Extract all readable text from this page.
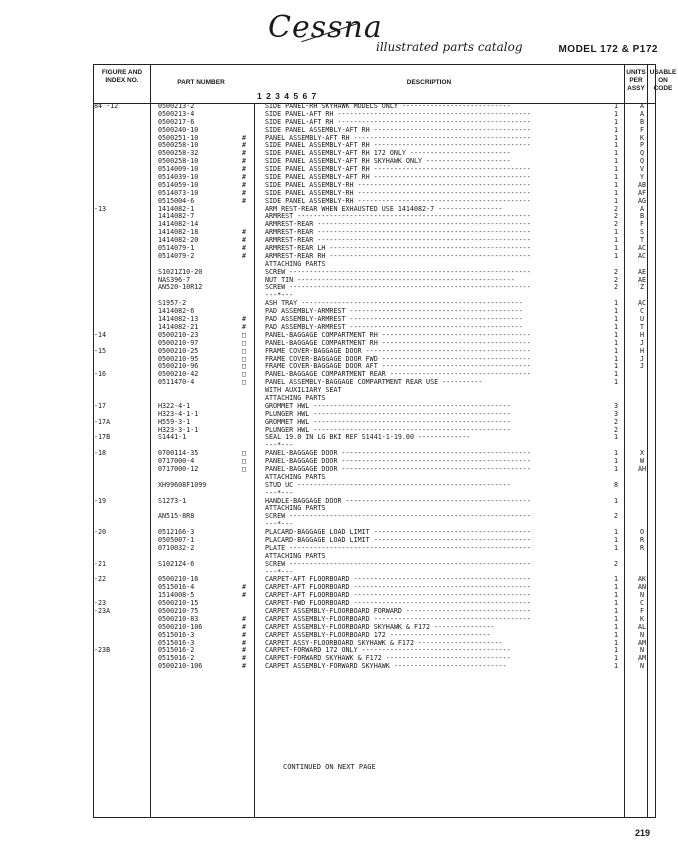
Cessna
illustrated parts catalog	MODEL 172 & P172
FIGURE AND INDEX NO.	PART NUMBER
1 2 3 4 5 6 7
DESCRIPTION
UNITS PER ASSY
USABLE ON CODE
84 -12	0500213-2	SIDE PANEL-RH SKYHAWK MODELS ONLY ---------------------------	1	A
0500213-4	SIDE PANEL-AFT RH ------------------------------------------------	1	A
0500217-6	SIDE PANEL-AFT RH ------------------------------------------------	1	B
0500240-10	SIDE PANEL ASSEMBLY-AFT RH ---------------------------------------	1	F
0500251-10	#	PANEL ASSEMBLY-AFT RH --------------------------------------------	1	K
0500258-10	#	SIDE PANEL ASSEMBLY-AFT RH ---------------------------------------	1	P
0500258-32	#	SIDE PANEL ASSEMBLY-AFT RH 172 ONLY -------------------------	1	Q
0500258-10	#	SIDE PANEL ASSEMBLY-AFT RH SKYHAWK ONLY ---------------------	1	Q
0514009-10	#	SIDE PANEL ASSEMBLY-AFT RH ---------------------------------------	1	V
0514039-10	#	SIDE PANEL ASSEMBLY-AFT RH ---------------------------------------	1	Y
0514059-10	#	SIDE PANEL ASSEMBLY-RH -------------------------------------------	1	AB
0514073-10	#	SIDE PANEL ASSEMBLY-RH -------------------------------------------	1	AF
0515004-6	#	SIDE PANEL ASSEMBLY-RH -------------------------------------------	1	AG
-13	1414082-1	ARM REST-REAR WHEN EXHAUSTED USE 1414082-7 ----------------	2	A
1414082-7	ARMREST ----------------------------------------------------------	2	B
1414082-14	ARMREST-REAR -----------------------------------------------------	2	F
1414082-18	#	ARMREST-REAR -----------------------------------------------------	1	S
1414082-20	#	ARMREST-REAR -----------------------------------------------------	1	T
0514079-1	#	ARMREST-REAR LH --------------------------------------------------	1	AC
0514079-2	#	ARMREST-REAR RH --------------------------------------------------	1	AC
ATTACHING PARTS
S1021Z10-20	SCREW ------------------------------------------------------------	2	AE
NAS396-7	NUT TIN ------------------------------------------------------	2	AE
AN520-10R12	SCREW ------------------------------------------------------------	2	Z
---*---
S1957-2	ASH TRAY -------------------------------------------------------	1	AC
1414082-6	PAD ASSEMBLY-ARMREST -------------------------------------------	1	C
1414082-13	#	PAD ASSEMBLY-ARMREST -------------------------------------------	1	U
1414082-21	#	PAD ASSEMBLY-ARMREST -------------------------------------------	1	T
-14	0500210-23	□	PANEL-BAGGAGE COMPARTMENT RH -------------------------------------	1	H
0500210-97	□	PANEL-BAGGAGE COMPARTMENT RH -------------------------------------	1	J
-15	0500210-25	□	FRAME COVER-BAGGAGE DOOR -----------------------------------------	1	H
0500210-95	□	FRAME COVER-BAGGAGE DOOR FWD -------------------------------------	1	J
0500210-96	□	FRAME COVER-BAGGAGE DOOR AFT -------------------------------------	1	J
-16	0500210-42	□	PANEL-BAGGAGE COMPARTMENT REAR -----------------------------------	1
0511470-4	□	PANEL ASSEMBLY-BAGGAGE COMPARTMENT REAR USE ----------	1
WITH AUXILIARY SEAT
ATTACHING PARTS
-17	H322-4-1	GROMMET HWL -------------------------------------------------	3
H323-4-1-1	PLUNGER HWL -------------------------------------------------	3
-17A	H559-3-1	GROMMET HWL -------------------------------------------------	2
H323-3-1-1	PLUNGER HWL -------------------------------------------------	2
-17B	S1441-1	SEAL 19.0 IN LG BKI REF S1441-1-19.00 -------------	1
---*---
-18	0700114-35	□	PANEL-BAGGAGE DOOR -----------------------------------------------	1	X
0717000-4	□	PANEL-BAGGAGE DOOR -----------------------------------------------	1	W
0717000-12	□	PANEL-BAGGAGE DOOR -----------------------------------------------	1	AH
ATTACHING PARTS
XH99608F1099	STUD UC -----------------------------------------------------	8
---*---
-19	S1273-1	HANDLE-BAGGAGE DOOR ----------------------------------------------	1
ATTACHING PARTS
AN515-8R8	SCREW ------------------------------------------------------------	2
---*---
-20	0512166-3	PLACARD-BAGGAGE LOAD LIMIT ---------------------------------------	1	O
0505007-1	PLACARD-BAGGAGE LOAD LIMIT ---------------------------------------	1	R
0710032-2	PLATE ------------------------------------------------------------	1	R
ATTACHING PARTS
-21	S1021Z4-6	SCREW ------------------------------------------------------------	2
---*---
-22	0500210-16	CARPET-AFT FLOORBOARD --------------------------------------------	1	AK
0515016-4	#	CARPET-AFT FLOORBOARD --------------------------------------------	1	AN
1514008-5	#	CARPET-AFT FLOORBOARD --------------------------------------------	1	N
-23	0500210-15	CARPET-FWD FLOORBOARD --------------------------------------------	1	C
-23A	0500210-75	CARPET ASSEMBLY-FLOORBOARD FORWARD -------------------------------	1	F
0500210-83	#	CARPET ASSEMBLY-FLOORBOARD ---------------------------------------	1	K
0500210-106	#	CARPET ASSEMBLY-FLOORBOARD SKYHAWK & F172 ---------------	1	AL
0515016-3	#	CARPET ASSEMBLY-FLOORBOARD 172 -------------------------	1	N
0515016-3	#	CARPET ASSY-FLOORBOARD SKYHAWK & F172 ---------------------	1	AM
-23B	0515016-2	#	CARPET-FORWARD 172 ONLY -------------------------------------	1	N
0515016-2	#	CARPET-FORWARD SKYHAWK & F172 -------------------------------	1	AM
0500210-106	#	CARPET ASSEMBLY-FORWARD SKYHAWK ----------------------------	1	N
CONTINUED ON NEXT PAGE
219
